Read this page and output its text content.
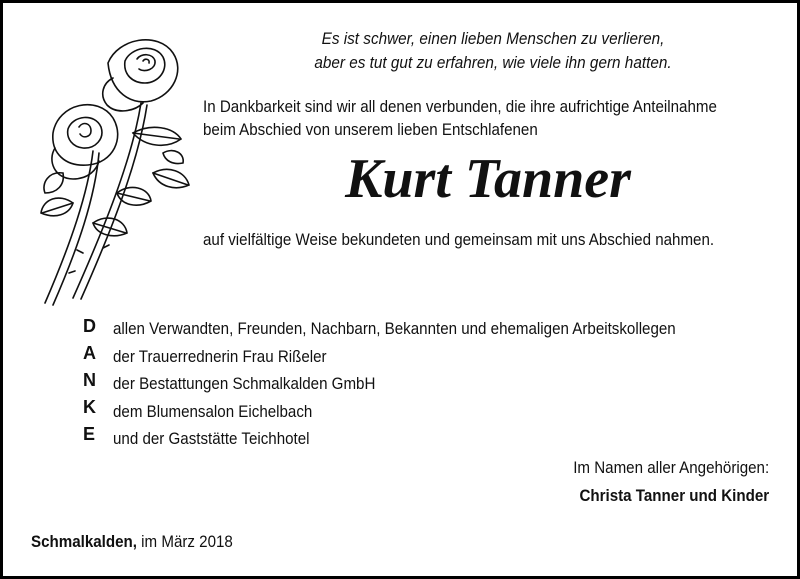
Es ist schwer, einen lieben Menschen zu verlieren,
aber es tut gut zu erfahren, wie viele ihn gern hatten.
In Dankbarkeit sind wir all denen verbunden, die ihre aufrichtige Anteilnahme
beim Abschied von unserem lieben Entschlafenen
Kurt Tanner
auf vielfältige Weise bekundeten und gemeinsam mit uns Abschied nahmen.
D
A
N
K
E
allen Verwandten, Freunden, Nachbarn, Bekannten und ehemaligen Arbeitskollegen
der Trauerrednerin Frau Rißeler
der Bestattungen Schmalkalden GmbH
dem Blumensalon Eichelbach
und der Gaststätte Teichhotel
Im Namen aller Angehörigen:
Christa Tanner und Kinder
Schmalkalden, im März 2018
